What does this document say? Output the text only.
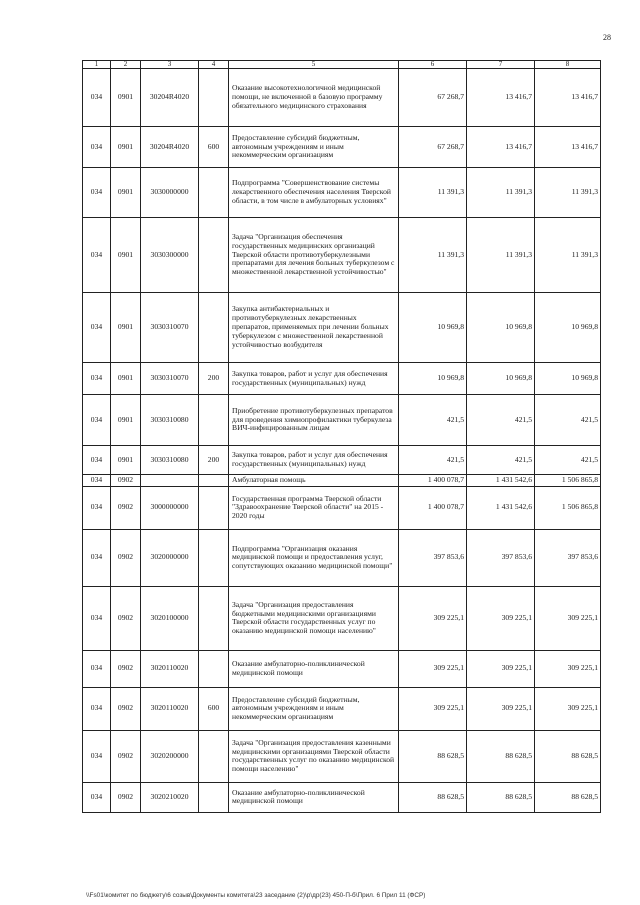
28
1	2	3	4	5	6	7	8
034	0901	30204R4020		Оказание высокотехнологичной медицинской помощи, не включенной в базовую программу обязательного медицинского страхования	67 268,7	13 416,7	13 416,7
034	0901	30204R4020	600	Предоставление субсидий бюджетным, автономным учреждениям и иным некоммерческим организациям	67 268,7	13 416,7	13 416,7
034	0901	3030000000		Подпрограмма "Совершенствование системы лекарственного обеспечения населения Тверской области, в том числе в амбулаторных условиях"	11 391,3	11 391,3	11 391,3
034	0901	3030300000		Задача "Организация обеспечения государственных медицинских организаций Тверской области противотуберкулезными препаратами для лечения больных туберкулезом с множественной лекарственной устойчивостью"	11 391,3	11 391,3	11 391,3
034	0901	3030310070		Закупка антибактериальных и противотуберкулезных лекарственных препаратов, применяемых при лечении больных туберкулезом с множественной лекарственной устойчивостью возбудителя	10 969,8	10 969,8	10 969,8
034	0901	3030310070	200	Закупка товаров, работ и услуг для обеспечения государственных (муниципальных) нужд	10 969,8	10 969,8	10 969,8
034	0901	3030310080		Приобретение противотуберкулезных препаратов для проведения химиопрофилактики туберкулеза ВИЧ-инфицированным лицам	421,5	421,5	421,5
034	0901	3030310080	200	Закупка товаров, работ и услуг для обеспечения государственных (муниципальных) нужд	421,5	421,5	421,5
034	0902			Амбулаторная помощь	1 400 078,7	1 431 542,6	1 506 865,8
034	0902	3000000000		Государственная программа Тверской области "Здравоохранение Тверской области" на 2015 - 2020 годы	1 400 078,7	1 431 542,6	1 506 865,8
034	0902	3020000000		Подпрограмма "Организация оказания медицинской помощи и предоставления услуг, сопутствующих оказанию медицинской помощи"	397 853,6	397 853,6	397 853,6
034	0902	3020100000		Задача "Организация предоставления бюджетными медицинскими организациями Тверской области государственных услуг по оказанию медицинской помощи населению"	309 225,1	309 225,1	309 225,1
034	0902	3020110020		Оказание амбулаторно-поликлинической медицинской помощи	309 225,1	309 225,1	309 225,1
034	0902	3020110020	600	Предоставление субсидий бюджетным, автономным учреждениям и иным некоммерческим организациям	309 225,1	309 225,1	309 225,1
034	0902	3020200000		Задача "Организация предоставления казенными медицинскими организациями Тверской области государственных услуг по оказанию медицинской помощи населению"	88 628,5	88 628,5	88 628,5
034	0902	3020210020		Оказание амбулаторно-поликлинической медицинской помощи	88 628,5	88 628,5	88 628,5
\\Fs01\комитет по бюджету\6 созыв\Документы комитета\23 заседание (2)\р\др(23) 450-П-б\Прил. 6 Прил 11 (ФСР)
